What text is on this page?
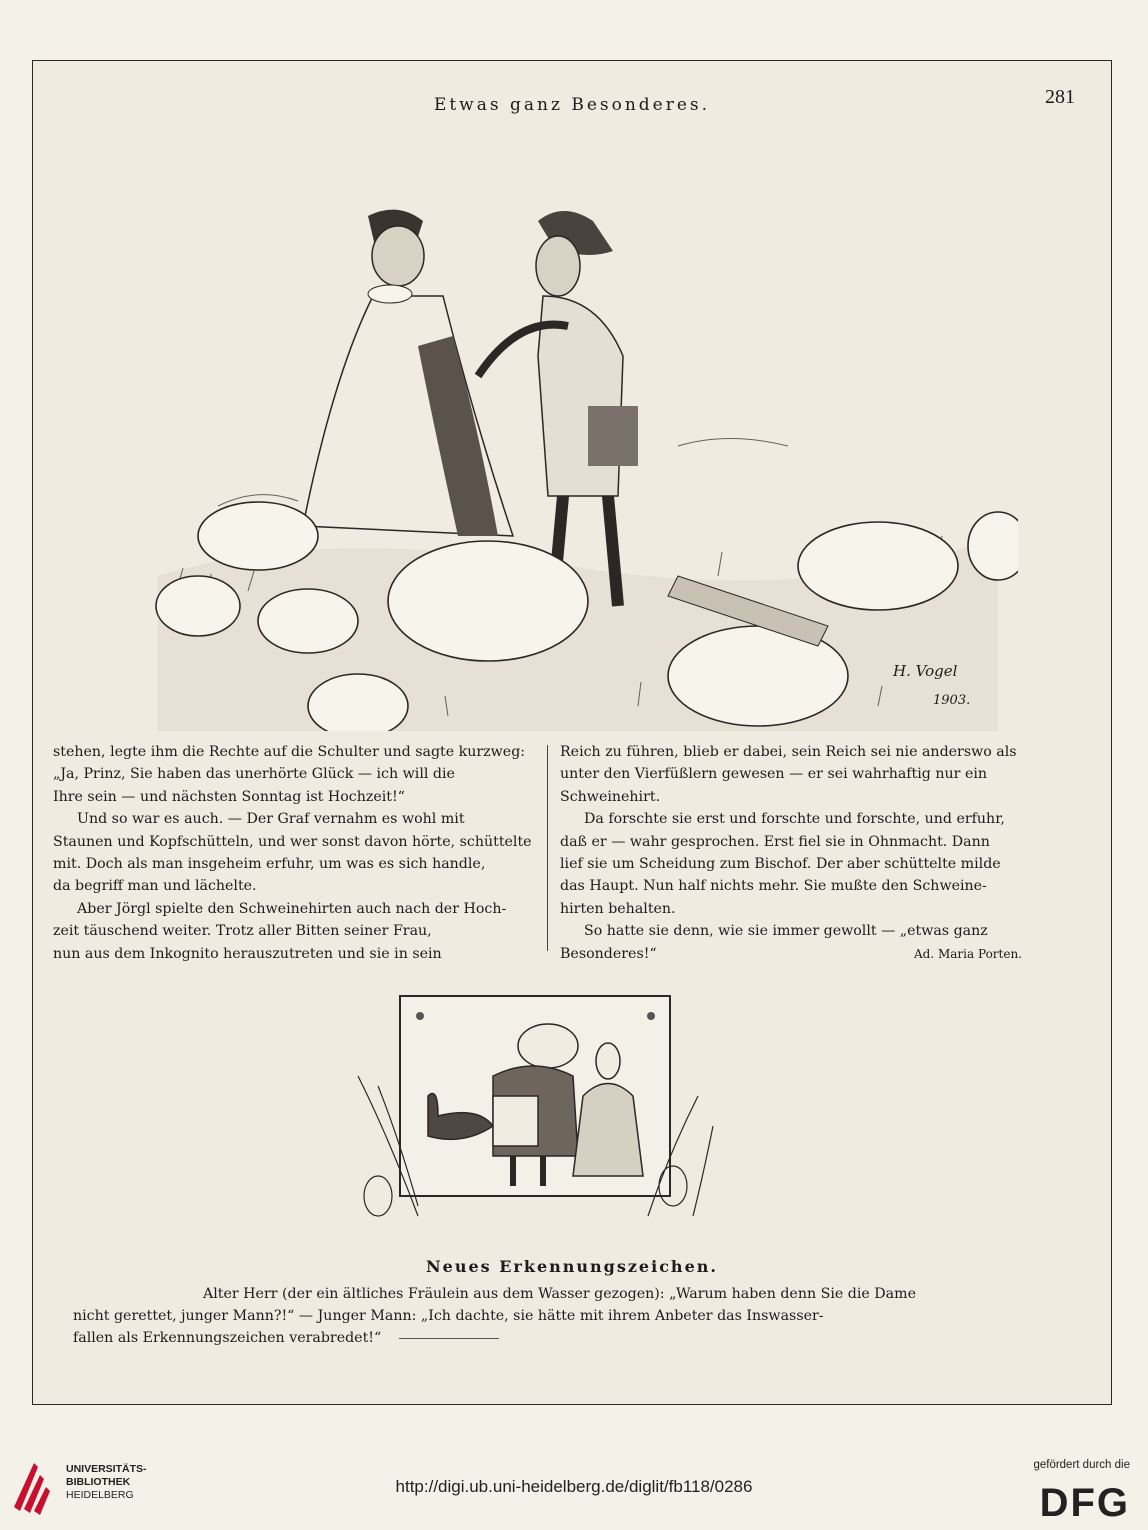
Etwas ganz Besonderes.	281
H. Vogel
1903.

stehen, legte ihm die Rechte auf die Schulter und sagte kurzweg:

„Ja, Prinz, Sie haben das unerhörte Glück — ich will die

Ihre sein — und nächsten Sonntag ist Hochzeit!“

Und so war es auch. — Der Graf vernahm es wohl mit

Staunen und Kopfschütteln, und wer sonst davon hörte, schüttelte

mit. Doch als man insgeheim erfuhr, um was es sich handle,

da begriff man und lächelte.

Aber Jörgl spielte den Schweinehirten auch nach der Hoch-

zeit täuschend weiter. Trotz aller Bitten seiner Frau,

nun aus dem Inkognito herauszutreten und sie in sein

Reich zu führen, blieb er dabei, sein Reich sei nie anderswo als

unter den Vierfüßlern gewesen — er sei wahrhaftig nur ein

Schweinehirt.

Da forschte sie erst und forschte und forschte, und erfuhr,

daß er — wahr gesprochen. Erst fiel sie in Ohnmacht. Dann

lief sie um Scheidung zum Bischof. Der aber schüttelte milde

das Haupt. Nun half nichts mehr. Sie mußte den Schweine-

hirten behalten.

So hatte sie denn, wie sie immer gewollt — „etwas ganz

Besonderes!“	Ad. Maria Porten.

Neues Erkennungszeichen.
Alter Herr (der ein ältliches Fräulein aus dem Wasser gezogen): „Warum haben denn Sie die Dame
nicht gerettet, junger Mann?!“ — Junger Mann: „Ich dachte, sie hätte mit ihrem Anbeter das Inswasser-
fallen als Erkennungszeichen verabredet!“
UNIVERSITÄTS-
BIBLIOTHEK
HEIDELBERG	http://digi.ub.uni-heidelberg.de/diglit/fb118/0286
gefördert durch die
DFG
